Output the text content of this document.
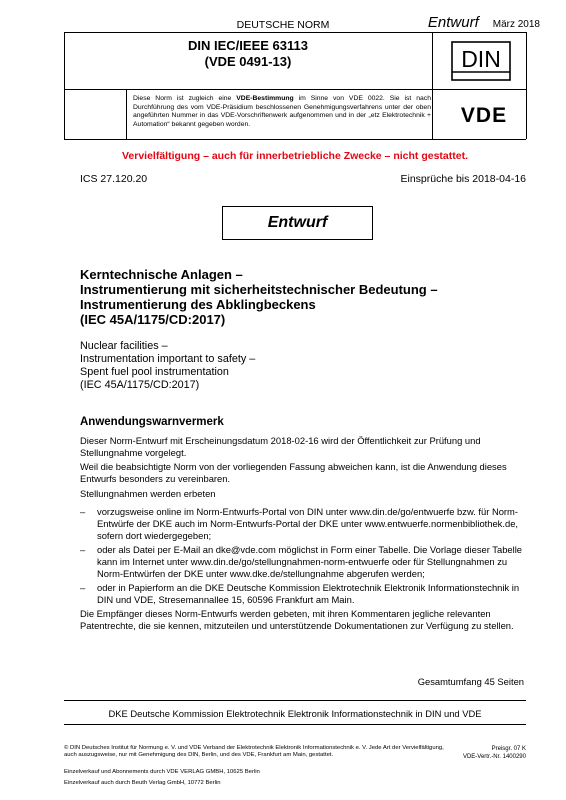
DEUTSCHE NORM	Entwurf März 2018
DIN IEC/IEEE 63113
(VDE 0491-13)	DIN
Diese Norm ist zugleich eine VDE-Bestimmung im Sinne von VDE 0022. Sie ist nach Durchführung des vom VDE-Präsidium beschlossenen Genehmigungsverfahrens unter der oben angeführten Nummer in das VDE-Vorschriftenwerk aufgenommen und in der „etz Elektrotechnik + Automation“ bekannt gegeben worden.	VDE
Vervielfältigung – auch für innerbetriebliche Zwecke – nicht gestattet.
ICS 27.120.20	Einsprüche bis 2018-04-16
Entwurf
Kerntechnische Anlagen –
Instrumentierung mit sicherheitstechnischer Bedeutung –
Instrumentierung des Abklingbeckens
(IEC 45A/1175/CD:2017)
Nuclear facilities –
Instrumentation important to safety –
Spent fuel pool instrumentation
(IEC 45A/1175/CD:2017)
Anwendungswarnvermerk
Dieser Norm-Entwurf mit Erscheinungsdatum 2018-02-16 wird der Öffentlichkeit zur Prüfung und Stellungnahme vorgelegt.
Weil die beabsichtigte Norm von der vorliegenden Fassung abweichen kann, ist die Anwendung dieses Entwurfs besonders zu vereinbaren.
Stellungnahmen werden erbeten
–	vorzugsweise online im Norm-Entwurfs-Portal von DIN unter www.din.de/go/entwuerfe bzw. für Norm-Entwürfe der DKE auch im Norm-Entwurfs-Portal der DKE unter www.entwuerfe.normenbibliothek.de, sofern dort wiedergegeben;
–	oder als Datei per E-Mail an dke@vde.com möglichst in Form einer Tabelle. Die Vorlage dieser Tabelle kann im Internet unter www.din.de/go/stellungnahmen-norm-entwuerfe oder für Stellungnahmen zu Norm-Entwürfen der DKE unter www.dke.de/stellungnahme abgerufen werden;
–	oder in Papierform an die DKE Deutsche Kommission Elektrotechnik Elektronik Informationstechnik in DIN und VDE, Stresemannallee 15, 60596 Frankfurt am Main.
Die Empfänger dieses Norm-Entwurfs werden gebeten, mit ihren Kommentaren jegliche relevanten Patentrechte, die sie kennen, mitzuteilen und unterstützende Dokumentationen zur Verfügung zu stellen.
Gesamtumfang 45 Seiten
DKE Deutsche Kommission Elektrotechnik Elektronik Informationstechnik in DIN und VDE
© DIN Deutsches Institut für Normung e. V. und VDE Verband der Elektrotechnik Elektronik Informationstechnik e. V. Jede Art der Vervielfältigung, auch auszugsweise, nur mit Genehmigung des DIN, Berlin, und des VDE, Frankfurt am Main, gestattet.
Einzelverkauf und Abonnements durch VDE VERLAG GMBH, 10625 Berlin
Einzelverkauf auch durch Beuth Verlag GmbH, 10772 Berlin
Preisgr. 07 K
VDE-Vertr.-Nr. 1400290
